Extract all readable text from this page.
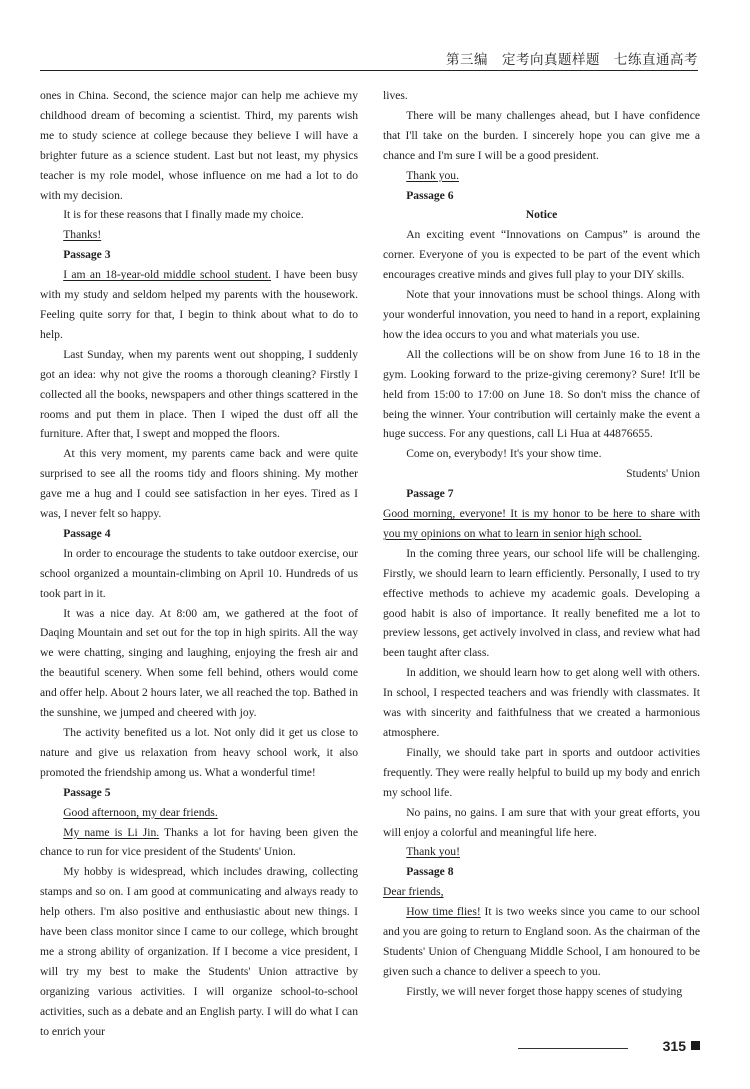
第三编　定考向真题样题　七练直通高考

ones in China. Second, the science major can help me achieve my childhood dream of becoming a scientist. Third, my parents wish me to study science at college because they believe I will have a brighter future as a science student. Last but not least, my physics teacher is my role model, whose influence on me had a lot to do with my decision.

It is for these reasons that I finally made my choice.

Thanks!

Passage 3

I am an 18-year-old middle school student. I have been busy with my study and seldom helped my parents with the housework. Feeling quite sorry for that, I begin to think about what to do to help.

Last Sunday, when my parents went out shopping, I suddenly got an idea: why not give the rooms a thorough cleaning? Firstly I collected all the books, newspapers and other things scattered in the rooms and put them in place. Then I wiped the dust off all the furniture. After that, I swept and mopped the floors.

At this very moment, my parents came back and were quite surprised to see all the rooms tidy and floors shining. My mother gave me a hug and I could see satisfaction in her eyes. Tired as I was, I never felt so happy.

Passage 4

In order to encourage the students to take outdoor exercise, our school organized a mountain-climbing on April 10. Hundreds of us took part in it.

It was a nice day. At 8:00 am, we gathered at the foot of Daqing Mountain and set out for the top in high spirits. All the way we were chatting, singing and laughing, enjoying the fresh air and the beautiful scenery. When some fell behind, others would come and offer help. About 2 hours later, we all reached the top. Bathed in the sunshine, we jumped and cheered with joy.

The activity benefited us a lot. Not only did it get us close to nature and give us relaxation from heavy school work, it also promoted the friendship among us. What a wonderful time!

Passage 5

Good afternoon, my dear friends.

My name is Li Jin. Thanks a lot for having been given the chance to run for vice president of the Students' Union.

My hobby is widespread, which includes drawing, collecting stamps and so on. I am good at communicating and always ready to help others. I'm also positive and enthusiastic about new things. I have been class monitor since I came to our college, which brought me a strong ability of organization. If I become a vice president, I will try my best to make the Students' Union attractive by organizing various activities. I will organize school-to-school activities, such as a debate and an English party. I will do what I can to enrich your

lives.

There will be many challenges ahead, but I have confidence that I'll take on the burden. I sincerely hope you can give me a chance and I'm sure I will be a good president.

Thank you.

Passage 6

Notice

An exciting event “Innovations on Campus” is around the corner. Everyone of you is expected to be part of the event which encourages creative minds and gives full play to your DIY skills.

Note that your innovations must be school things. Along with your wonderful innovation, you need to hand in a report, explaining how the idea occurs to you and what materials you use.

All the collections will be on show from June 16 to 18 in the gym. Looking forward to the prize-giving ceremony? Sure! It'll be held from 15:00 to 17:00 on June 18. So don't miss the chance of being the winner. Your contribution will certainly make the event a huge success. For any questions, call Li Hua at 44876655.

Come on, everybody! It's your show time.

Students' Union

Passage 7

Good morning, everyone! It is my honor to be here to share with you my opinions on what to learn in senior high school.

In the coming three years, our school life will be challenging. Firstly, we should learn to learn efficiently. Personally, I used to try effective methods to achieve my academic goals. Developing a good habit is also of importance. It really benefited me a lot to preview lessons, get actively involved in class, and review what had been taught after class.

In addition, we should learn how to get along well with others. In school, I respected teachers and was friendly with classmates. It was with sincerity and faithfulness that we created a harmonious atmosphere.

Finally, we should take part in sports and outdoor activities frequently. They were really helpful to build up my body and enrich my school life.

No pains, no gains. I am sure that with your great efforts, you will enjoy a colorful and meaningful life here.

Thank you!

Passage 8

Dear friends,

How time flies! It is two weeks since you came to our school and you are going to return to England soon. As the chairman of the Students' Union of Chenguang Middle School, I am honoured to be given such a chance to deliver a speech to you.

Firstly, we will never forget those happy scenes of studying

315
